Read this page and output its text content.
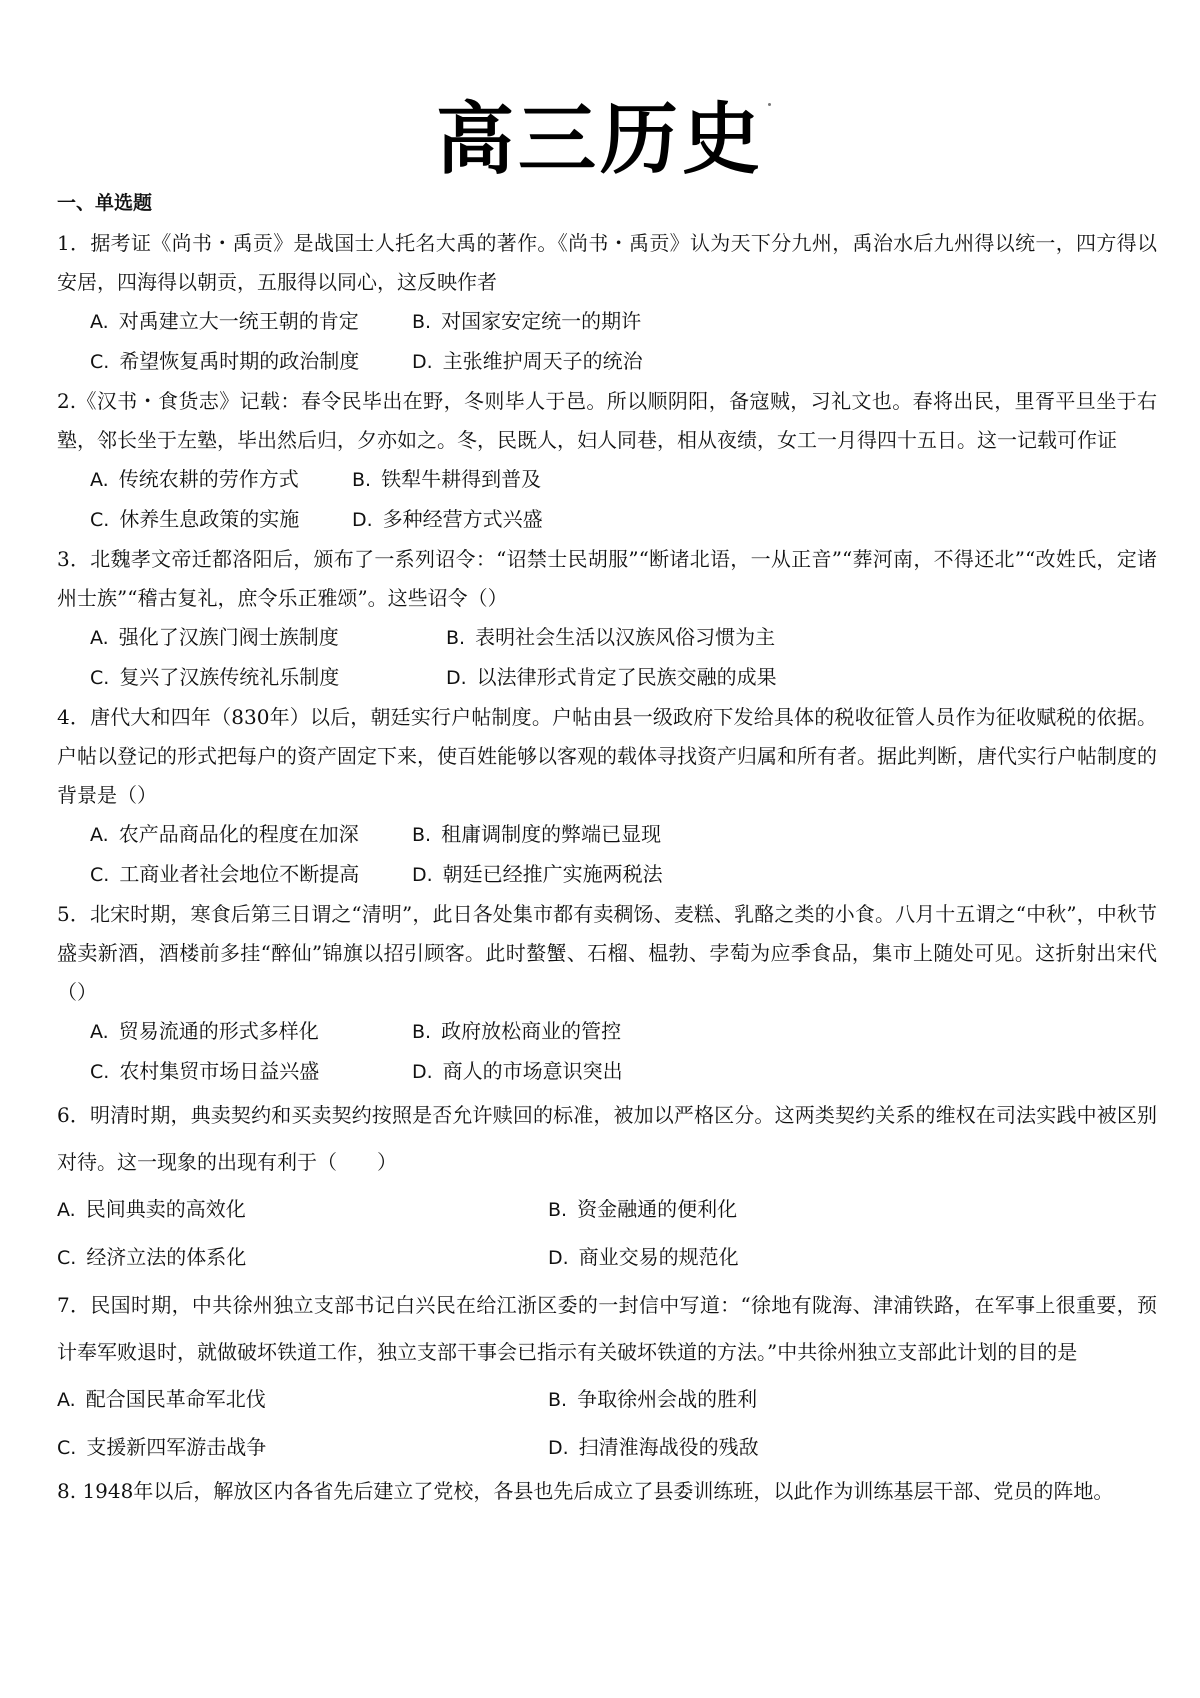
高三历史
一、单选题
1．据考证《尚书・禹贡》是战国士人托名大禹的著作。《尚书・禹贡》认为天下分九州，禹治水后九州得以统一，四方得以安居，四海得以朝贡，五服得以同心，这反映作者
A. 对禹建立大一统王朝的肯定	B. 对国家安定统一的期许
C. 希望恢复禹时期的政治制度	D. 主张维护周天子的统治
2.《汉书・食货志》记载：春令民毕出在野，冬则毕人于邑。所以顺阴阳，备寇贼，习礼文也。春将出民，里胥平旦坐于右塾，邻长坐于左塾，毕出然后归，夕亦如之。冬，民既人，妇人同巷，相从夜绩，女工一月得四十五日。这一记载可作证
A. 传统农耕的劳作方式	B. 铁犁牛耕得到普及
C. 休养生息政策的实施	D. 多种经营方式兴盛
3．北魏孝文帝迁都洛阳后，颁布了一系列诏令：“诏禁士民胡服”“断诸北语，一从正音”“葬河南，不得还北”“改姓氏，定诸州士族”“稽古复礼，庶令乐正雅颂”。这些诏令（）
A. 强化了汉族门阀士族制度	B. 表明社会生活以汉族风俗习惯为主
C. 复兴了汉族传统礼乐制度	D. 以法律形式肯定了民族交融的成果
4．唐代大和四年（830年）以后，朝廷实行户帖制度。户帖由县一级政府下发给具体的税收征管人员作为征收赋税的依据。户帖以登记的形式把每户的资产固定下来，使百姓能够以客观的载体寻找资产归属和所有者。据此判断，唐代实行户帖制度的背景是（）
A. 农产品商品化的程度在加深	B. 租庸调制度的弊端已显现
C. 工商业者社会地位不断提高	D. 朝廷已经推广实施两税法
5．北宋时期，寒食后第三日谓之“清明”，此日各处集市都有卖稠饧、麦糕、乳酪之类的小食。八月十五谓之“中秋”，中秋节盛卖新酒，酒楼前多挂“醉仙”锦旗以招引顾客。此时螯蟹、石榴、榅勃、孛萄为应季食品，集市上随处可见。这折射出宋代（）
A. 贸易流通的形式多样化	B. 政府放松商业的管控
C. 农村集贸市场日益兴盛	D. 商人的市场意识突出
6．明清时期，典卖契约和买卖契约按照是否允许赎回的标准，被加以严格区分。这两类契约关系的维权在司法实践中被区别对待。这一现象的出现有利于（　　）
A. 民间典卖的高效化	B. 资金融通的便利化
C. 经济立法的体系化	D. 商业交易的规范化
7．民国时期，中共徐州独立支部书记白兴民在给江浙区委的一封信中写道：“徐地有陇海、津浦铁路，在军事上很重要，预计奉军败退时，就做破坏铁道工作，独立支部干事会已指示有关破坏铁道的方法。”中共徐州独立支部此计划的目的是
A. 配合国民革命军北伐	B. 争取徐州会战的胜利
C. 支援新四军游击战争	D. 扫清淮海战役的残敌
8. 1948年以后，解放区内各省先后建立了党校，各县也先后成立了县委训练班，以此作为训练基层干部、党员的阵地。
